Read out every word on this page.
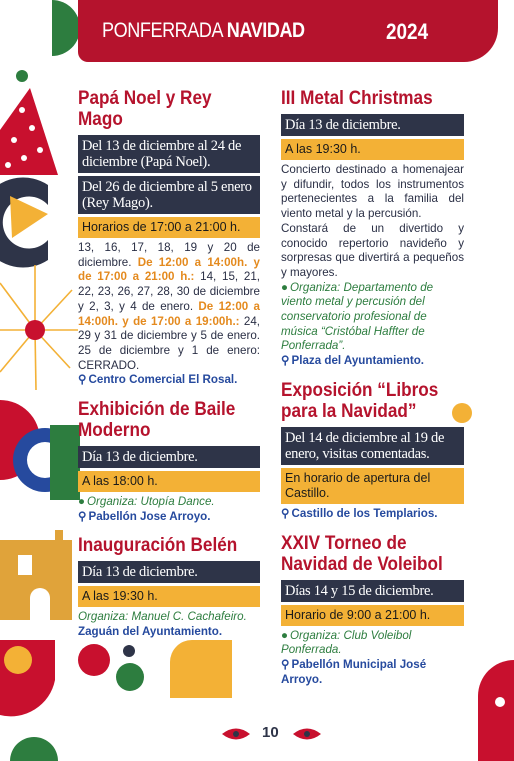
PONFERRADA NAVIDAD	2024
Papá Noel y Rey Mago
Del 13 de diciembre al 24 de diciembre (Papá Noel).
Del 26 de diciembre al 5 enero (Rey Mago).
Horarios de 17:00 a 21:00 h.
13, 16, 17, 18, 19 y 20 de diciembre. De 12:00 a 14:00h. y de 17:00 a 21:00 h.: 14, 15, 21, 22, 23, 26, 27, 28, 30 de diciembre y 2, 3, y 4 de enero. De 12:00 a 14:00h. y de 17:00 a 19:00h.: 24, 29 y 31 de diciembre y 5 de enero. 25 de diciembre y 1 de enero: CERRADO.
⚲ Centro Comercial El Rosal.
Exhibición de Baile Moderno
Día 13 de diciembre.
A las 18:00 h.
● Organiza: Utopía Dance.
⚲ Pabellón Jose Arroyo.
Inauguración Belén
Día 13 de diciembre.
A las 19:30 h.
Organiza: Manuel C. Cachafeiro.
Zaguán del Ayuntamiento.
III Metal Christmas
Día 13 de diciembre.
A las 19:30 h.
Concierto destinado a homenajear y difundir, todos los instrumentos pertenecientes a la familia del viento metal y la percusión.
Constará de un divertido y conocido repertorio navideño y sorpresas que divertirá a pequeños y mayores.
● Organiza: Departamento de viento metal y percusión del conservatorio profesional de música “Cristóbal Haffter de Ponferrada”.
⚲ Plaza del Ayuntamiento.
Exposición “Libros para la Navidad”
Del 14 de diciembre al 19 de enero, visitas comentadas.
En horario de apertura del Castillo.
⚲ Castillo de los Templarios.
XXIV Torneo de Navidad de Voleibol
Días 14 y 15 de diciembre.
Horario de 9:00 a 21:00 h.
● Organiza: Club Voleibol Ponferrada.
⚲ Pabellón Municipal José Arroyo.
10
